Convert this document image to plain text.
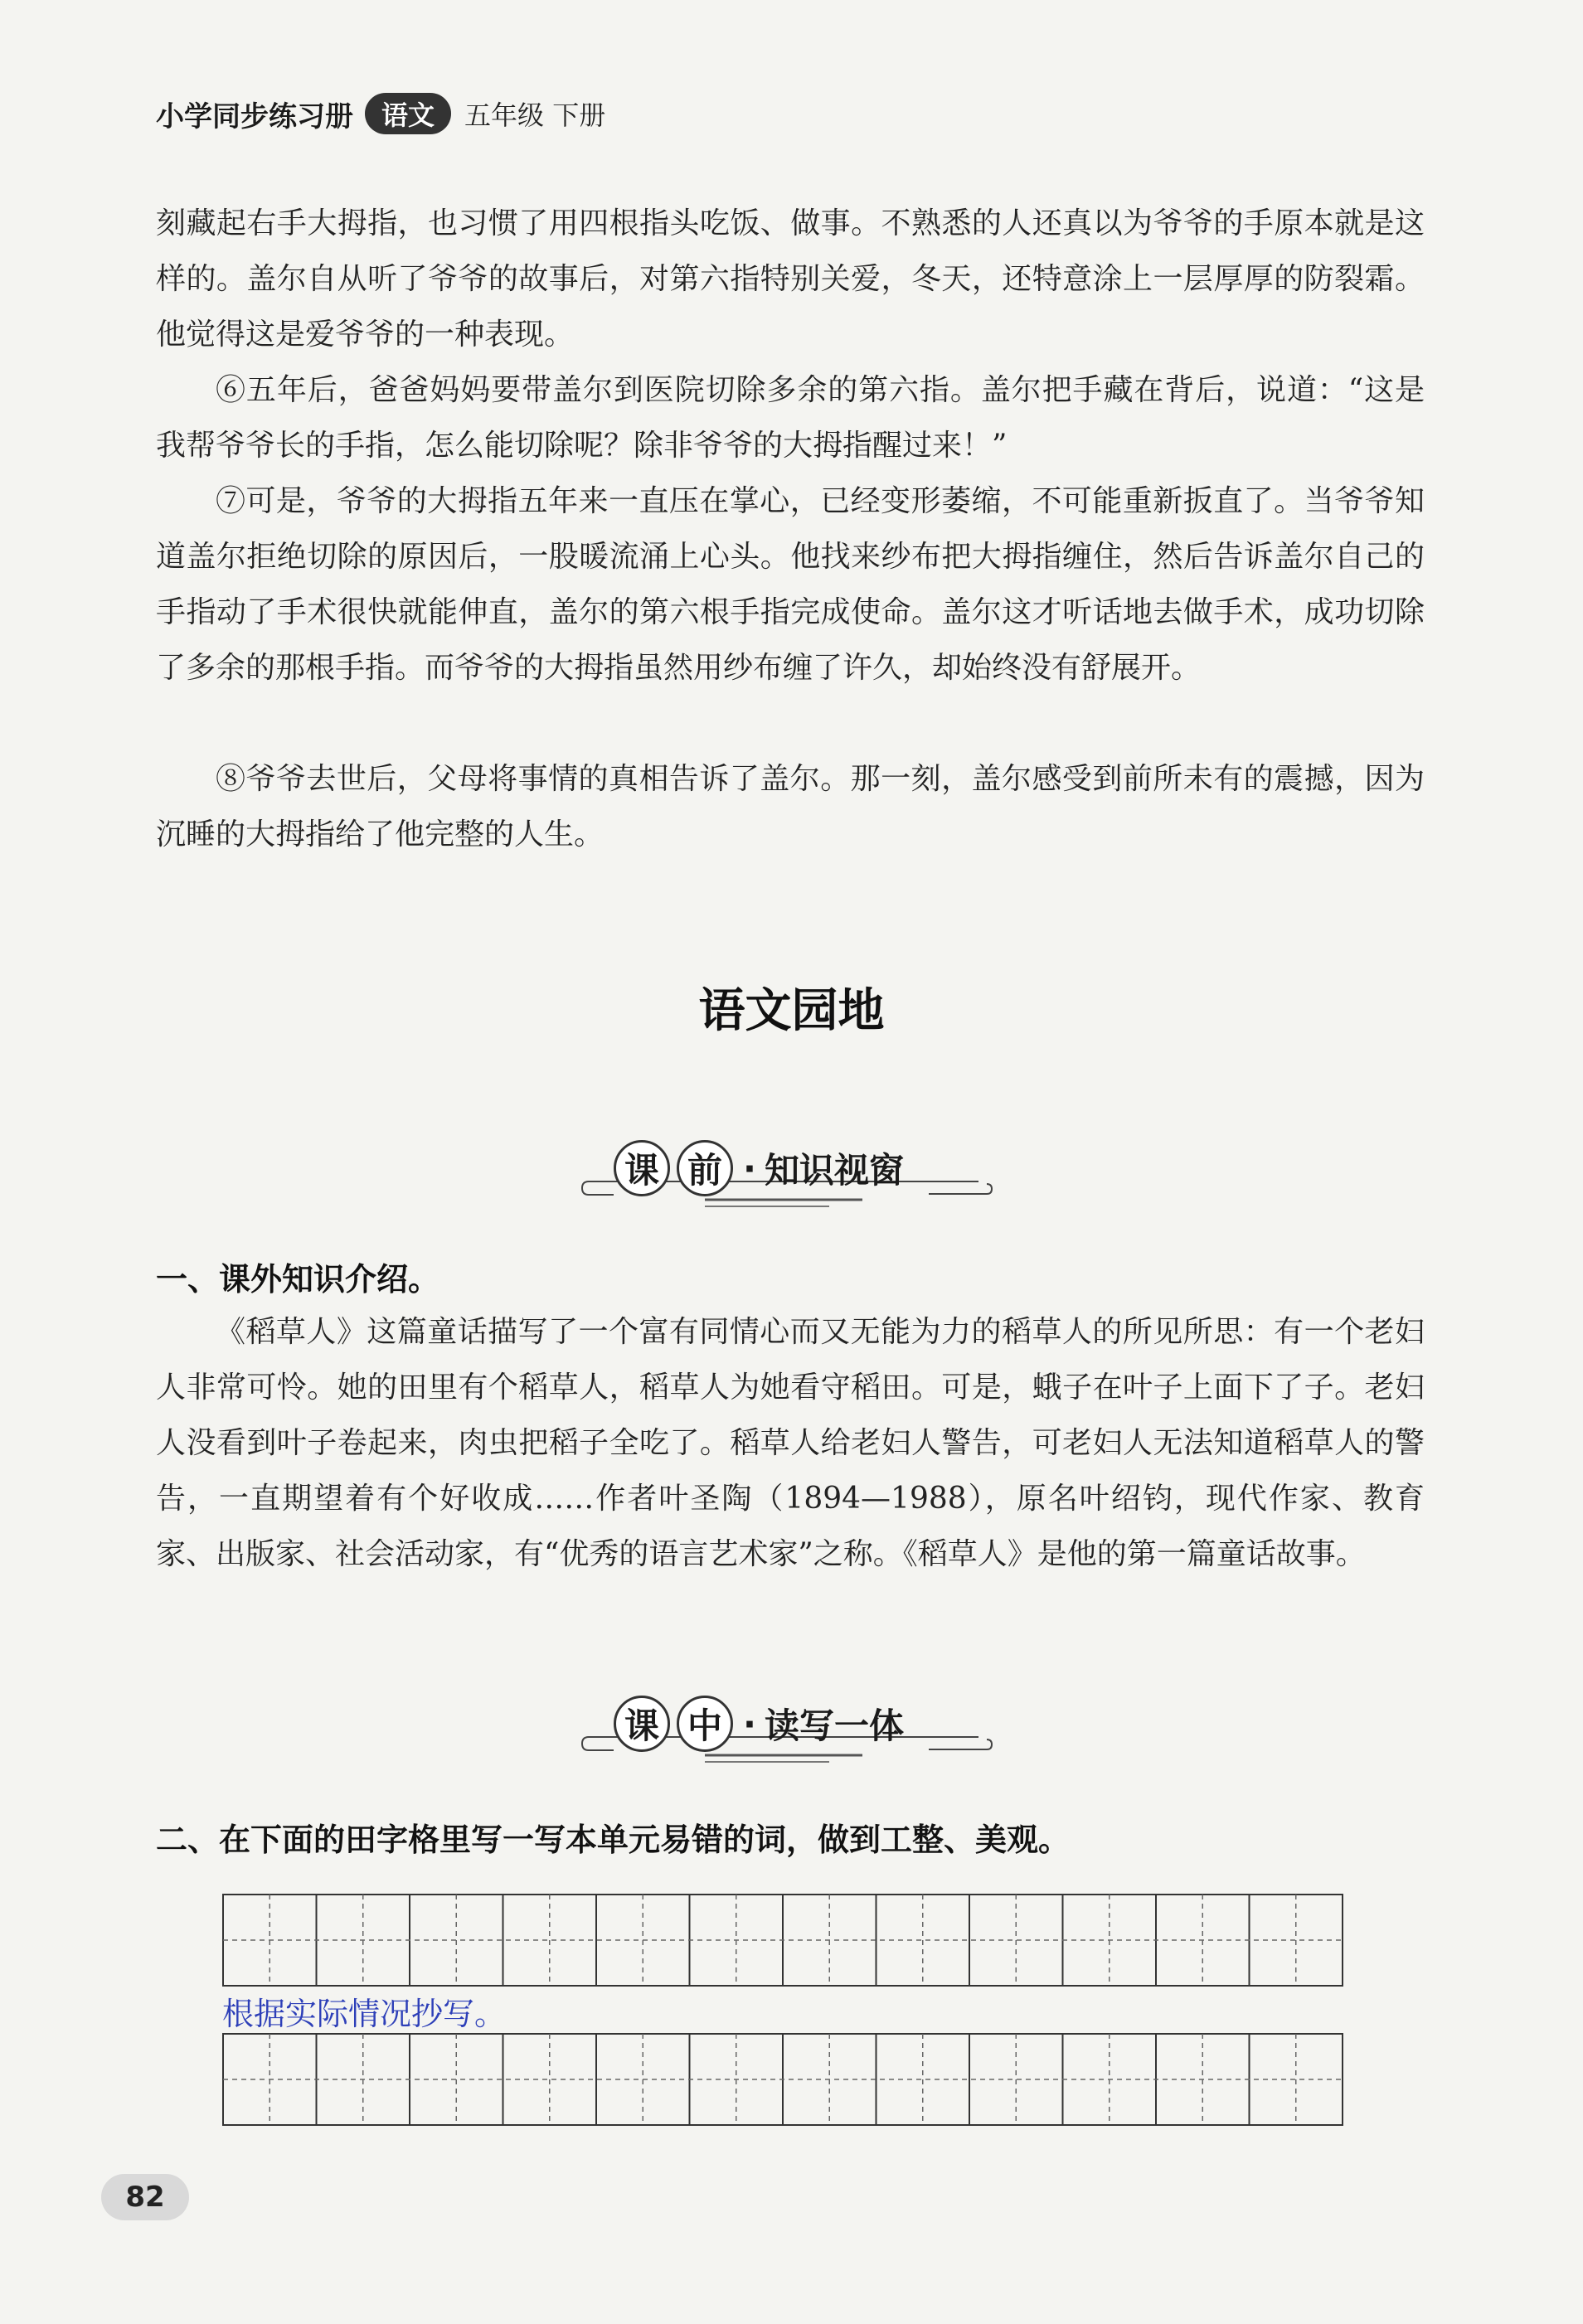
小学同步练习册	语文	五年级 下册

刻藏起右手大拇指，也习惯了用四根指头吃饭、做事。不熟悉的人还真以为爷爷的手原本就是这样的。盖尔自从听了爷爷的故事后，对第六指特别关爱，冬天，还特意涂上一层厚厚的防裂霜。他觉得这是爱爷爷的一种表现。

⑥五年后，爸爸妈妈要带盖尔到医院切除多余的第六指。盖尔把手藏在背后，说道：“这是我帮爷爷长的手指，怎么能切除呢？除非爷爷的大拇指醒过来！”

⑦可是，爷爷的大拇指五年来一直压在掌心，已经变形萎缩，不可能重新扳直了。当爷爷知道盖尔拒绝切除的原因后，一股暖流涌上心头。他找来纱布把大拇指缠住，然后告诉盖尔自己的手指动了手术很快就能伸直，盖尔的第六根手指完成使命。盖尔这才听话地去做手术，成功切除了多余的那根手指。而爷爷的大拇指虽然用纱布缠了许久，却始终没有舒展开。

⑧爷爷去世后，父母将事情的真相告诉了盖尔。那一刻，盖尔感受到前所未有的震撼，因为沉睡的大拇指给了他完整的人生。

语文园地
课 前 · 知识视窗
一、课外知识介绍。

《稻草人》这篇童话描写了一个富有同情心而又无能为力的稻草人的所见所思：有一个老妇人非常可怜。她的田里有个稻草人，稻草人为她看守稻田。可是，蛾子在叶子上面下了子。老妇人没看到叶子卷起来，肉虫把稻子全吃了。稻草人给老妇人警告，可老妇人无法知道稻草人的警告，一直期望着有个好收成……作者叶圣陶（1894—1988），原名叶绍钧，现代作家、教育家、出版家、社会活动家，有“优秀的语言艺术家”之称。《稻草人》是他的第一篇童话故事。

课 中 · 读写一体
二、在下面的田字格里写一写本单元易错的词，做到工整、美观。
根据实际情况抄写。
82
